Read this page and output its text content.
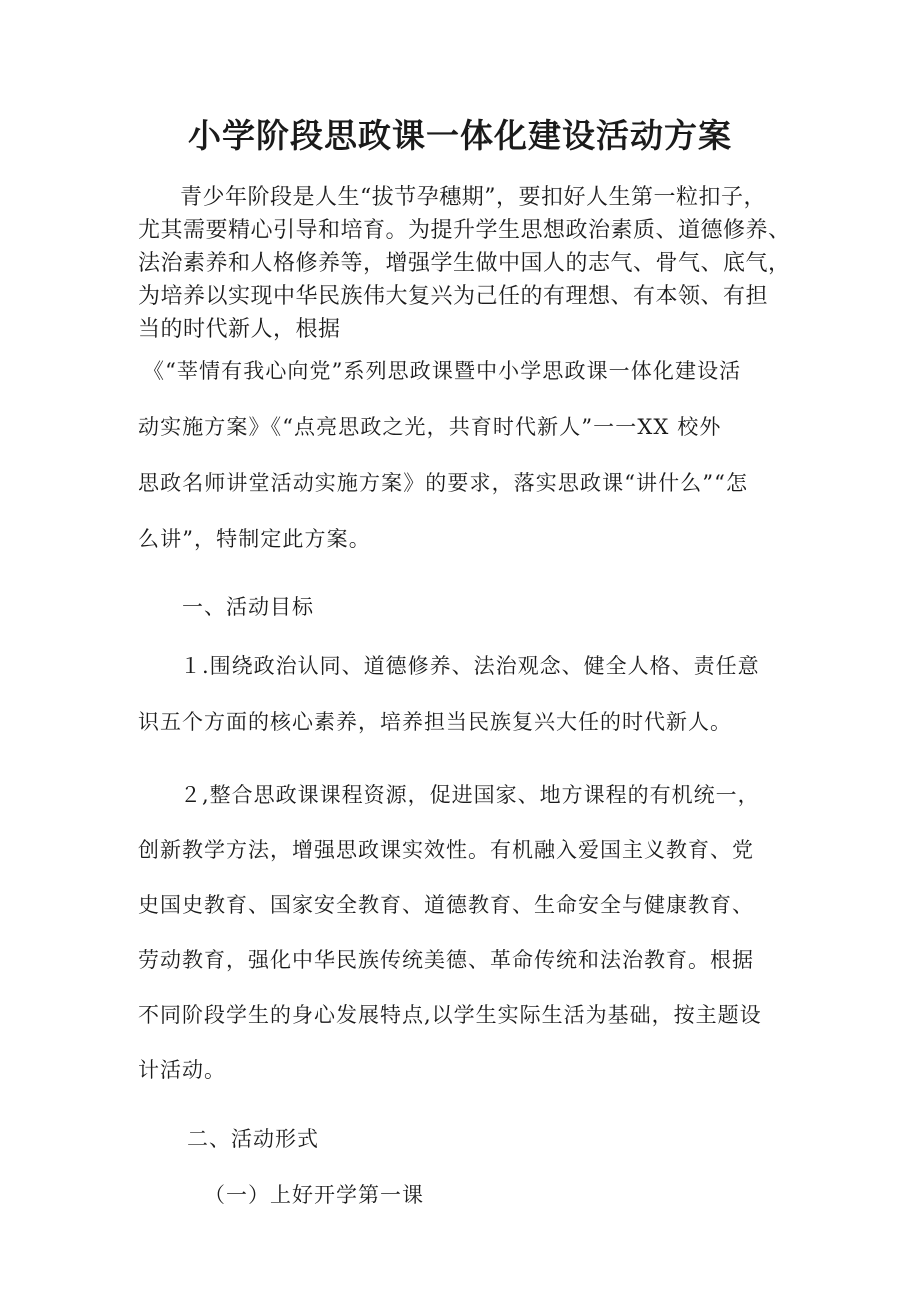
小学阶段思政课一体化建设活动方案
青少年阶段是人生“拔节孕穗期”，要扣好人生第一粒扣子，
尤其需要精心引导和培育。为提升学生思想政治素质、道德修养、
法治素养和人格修养等，增强学生做中国人的志气、骨气、底气，
为培养以实现中华民族伟大复兴为己任的有理想、有本领、有担
当的时代新人，根据
《“莘情有我心向党”系列思政课暨中小学思政课一体化建设活
动实施方案》《“点亮思政之光，共育时代新人”一一XX 校外
思政名师讲堂活动实施方案》的要求，落实思政课“讲什么”“怎
么讲”，特制定此方案。
一、活动目标
１.围绕政治认同、道德修养、法治观念、健全人格、责任意
识五个方面的核心素养，培养担当民族复兴大任的时代新人。
２,整合思政课课程资源，促进国家、地方课程的有机统一，
创新教学方法，增强思政课实效性。有机融入爱国主义教育、党
史国史教育、国家安全教育、道德教育、生命安全与健康教育、
劳动教育，强化中华民族传统美德、革命传统和法治教育。根据
不同阶段学生的身心发展特点,以学生实际生活为基础，按主题设
计活动。
二、活动形式
（一）上好开学第一课
